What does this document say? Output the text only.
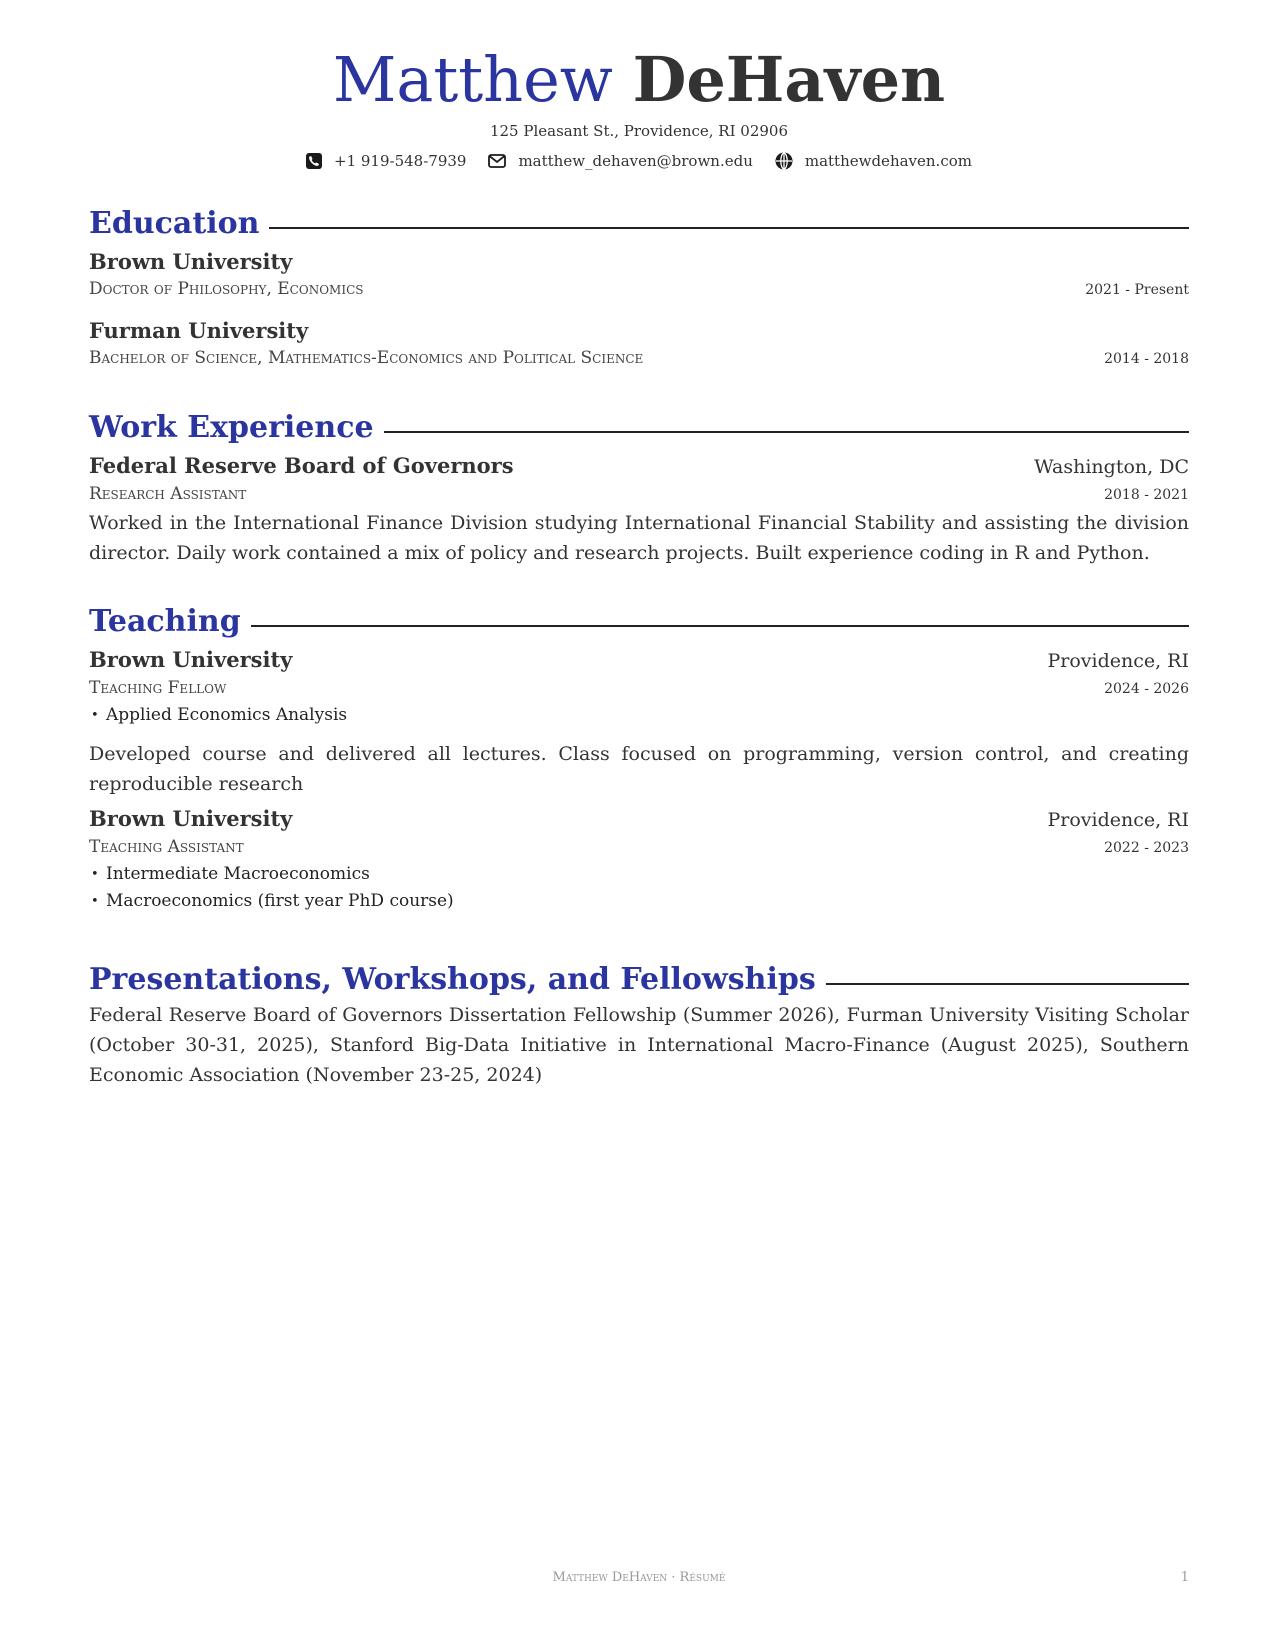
Matthew DeHaven
125 Pleasant St., Providence, RI 02906
+1 919-548-7939	matthew_dehaven@brown.edu	matthewdehaven.com
Education
Brown University
Doctor of Philosophy, Economics	2021 - Present
Furman University
Bachelor of Science, Mathematics-Economics and Political Science	2014 - 2018
Work Experience
Federal Reserve Board of Governors	Washington, DC
Research Assistant	2018 - 2021

Worked in the International Finance Division studying International Financial Stability and assisting the division director. Daily work contained a mix of policy and research projects. Built experience coding in R and Python.

Teaching
Brown University	Providence, RI
Teaching Fellow	2024 - 2026
• Applied Economics Analysis

Developed course and delivered all lectures. Class focused on programming, version control, and creating reproducible research

Brown University	Providence, RI
Teaching Assistant	2022 - 2023
• Intermediate Macroeconomics
• Macroeconomics (first year PhD course)
Presentations, Workshops, and Fellowships

Federal Reserve Board of Governors Dissertation Fellowship (Summer 2026), Furman University Visiting Scholar (October 30-31, 2025), Stanford Big-Data Initiative in International Macro-Finance (August 2025), Southern Economic Association (November 23-25, 2024)

Matthew DeHaven · Résumé	1
